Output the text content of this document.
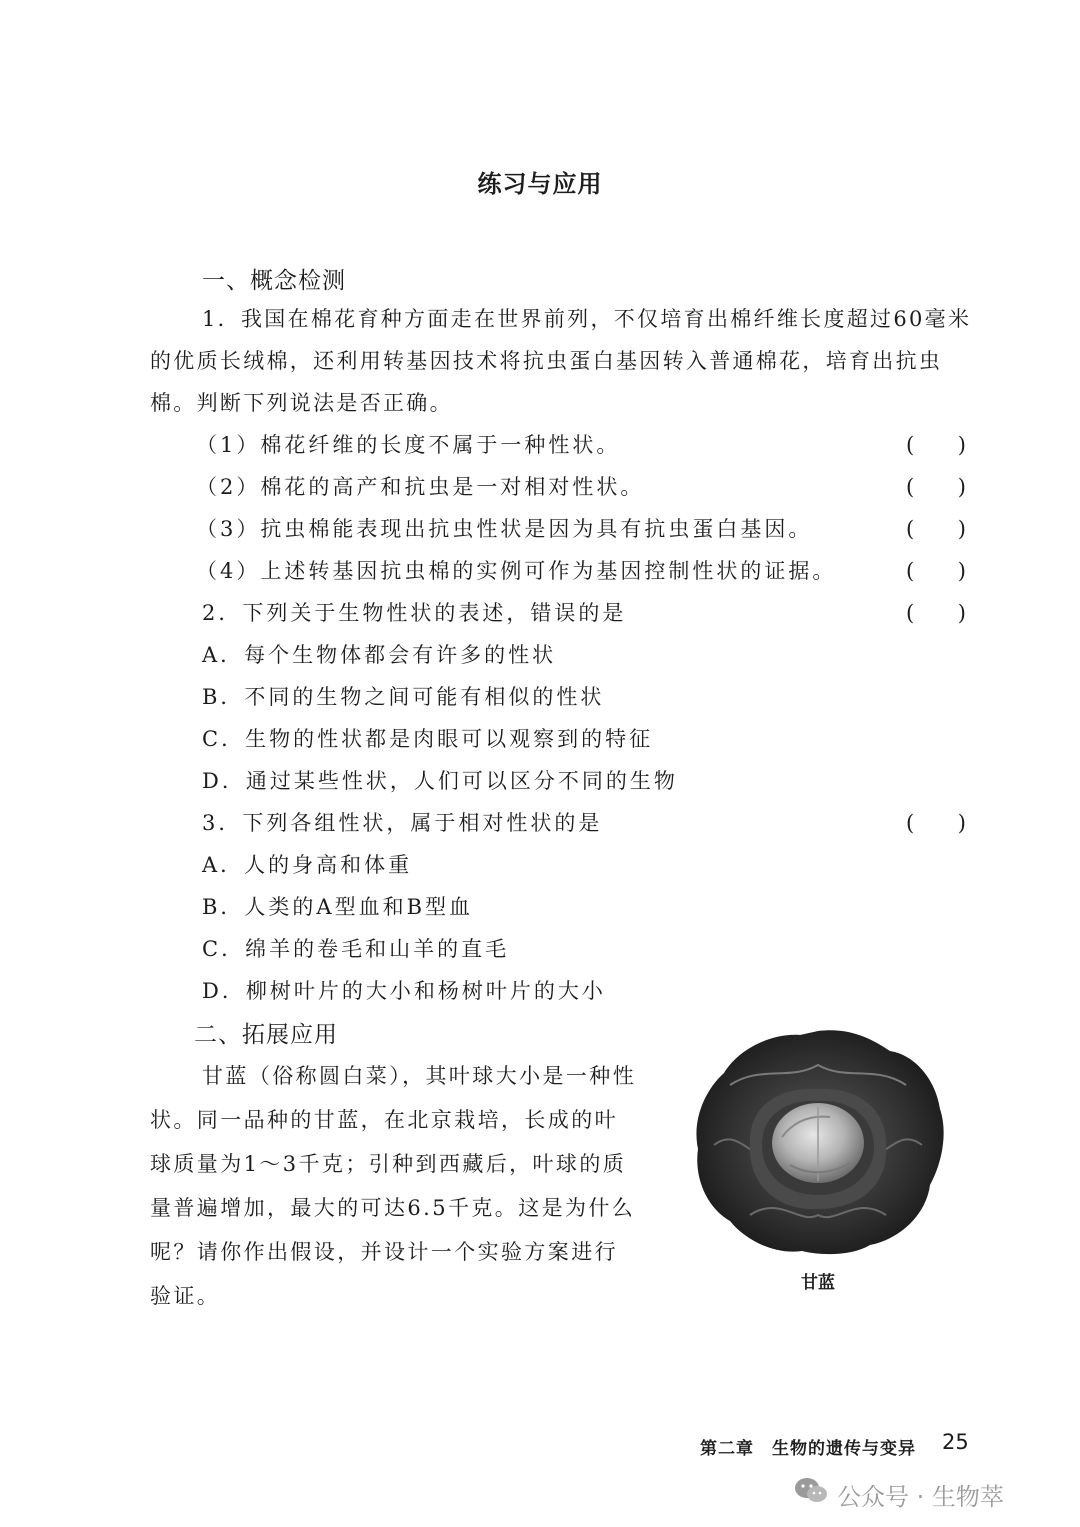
练习与应用
一、概念检测

1．我国在棉花育种方面走在世界前列，不仅培育出棉纤维长度超过60毫米的优质长绒棉，还利用转基因技术将抗虫蛋白基因转入普通棉花，培育出抗虫棉。判断下列说法是否正确。

（1）棉花纤维的长度不属于一种性状。	( )
（2）棉花的高产和抗虫是一对相对性状。	( )
（3）抗虫棉能表现出抗虫性状是因为具有抗虫蛋白基因。	( )
（4）上述转基因抗虫棉的实例可作为基因控制性状的证据。	( )
2．下列关于生物性状的表述，错误的是	( )
A．每个生物体都会有许多的性状
B．不同的生物之间可能有相似的性状
C．生物的性状都是肉眼可以观察到的特征
D．通过某些性状，人们可以区分不同的生物
3．下列各组性状，属于相对性状的是	( )
A．人的身高和体重
B．人类的A型血和B型血
C．绵羊的卷毛和山羊的直毛
D．柳树叶片的大小和杨树叶片的大小
二、拓展应用

甘蓝（俗称圆白菜），其叶球大小是一种性状。同一品种的甘蓝，在北京栽培，长成的叶球质量为1～3千克；引种到西藏后，叶球的质量普遍增加，最大的可达6.5千克。这是为什么呢？请你作出假设，并设计一个实验方案进行验证。

甘蓝
第二章　生物的遗传与变异 25
公众号 · 生物萃
